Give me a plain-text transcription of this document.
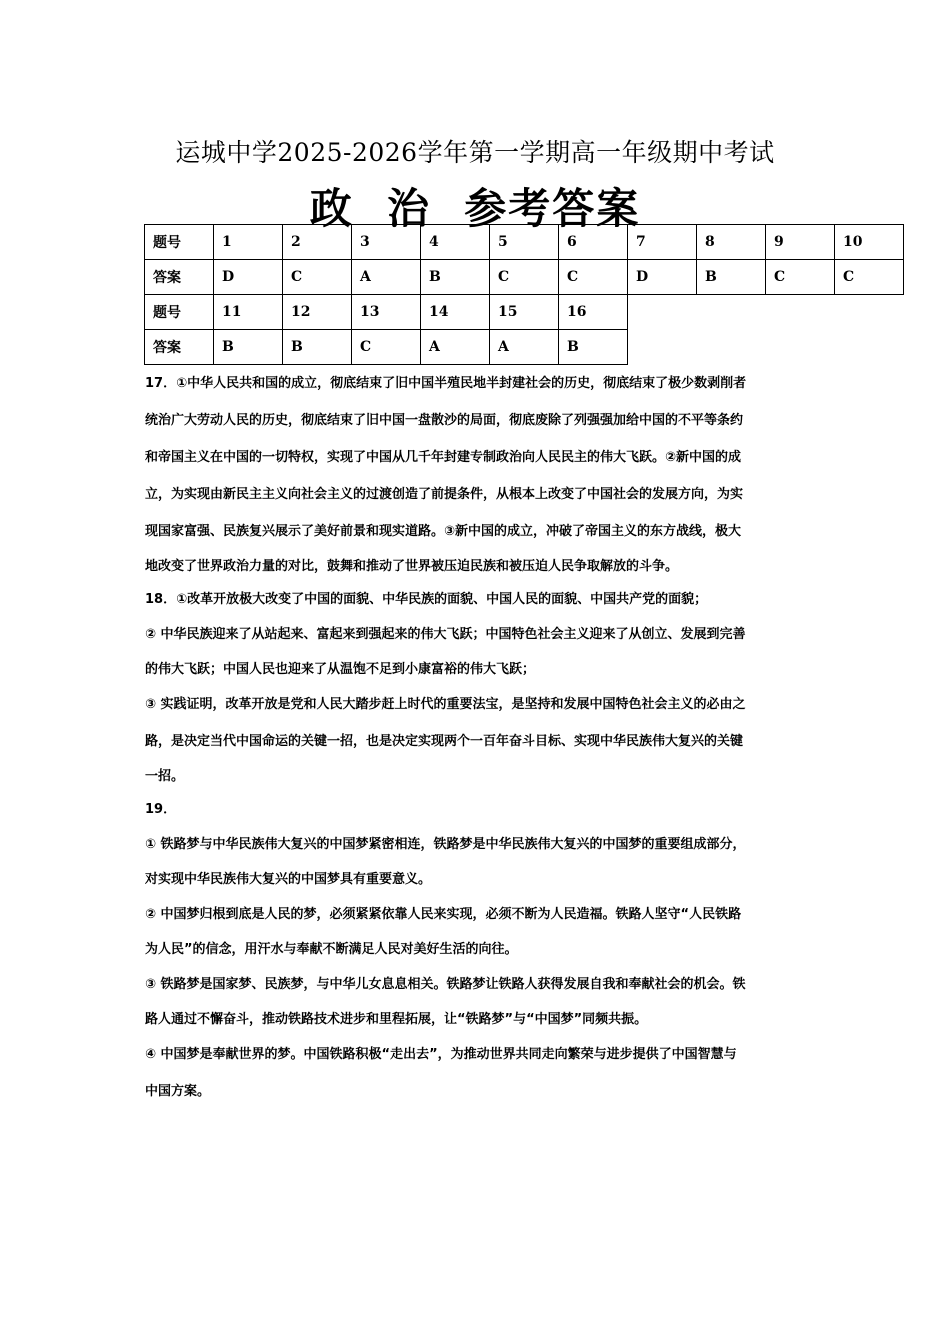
运城中学2025-2026学年第一学期高一年级期中考试
政  治  参考答案
题号	1	2	3	4	5	6	7	8	9	10
答案	D	C	A	B	C	C	D	B	C	C
题号	11	12	13	14	15	16				
答案	B	B	C	A	A	B				

17．①中华人民共和国的成立，彻底结束了旧中国半殖民地半封建社会的历史，彻底结束了极少数剥削者

统治广大劳动人民的历史，彻底结束了旧中国一盘散沙的局面，彻底废除了列强强加给中国的不平等条约

和帝国主义在中国的一切特权，实现了中国从几千年封建专制政治向人民民主的伟大飞跃。②新中国的成

立，为实现由新民主主义向社会主义的过渡创造了前提条件，从根本上改变了中国社会的发展方向，为实

现国家富强、民族复兴展示了美好前景和现实道路。③新中国的成立，冲破了帝国主义的东方战线，极大

地改变了世界政治力量的对比，鼓舞和推动了世界被压迫民族和被压迫人民争取解放的斗争。

18．①改革开放极大改变了中国的面貌、中华民族的面貌、中国人民的面貌、中国共产党的面貌；

② 中华民族迎来了从站起来、富起来到强起来的伟大飞跃；中国特色社会主义迎来了从创立、发展到完善

的伟大飞跃；中国人民也迎来了从温饱不足到小康富裕的伟大飞跃；

③ 实践证明，改革开放是党和人民大踏步赶上时代的重要法宝，是坚持和发展中国特色社会主义的必由之

路，是决定当代中国命运的关键一招，也是决定实现两个一百年奋斗目标、实现中华民族伟大复兴的关键

一招。

19．

① 铁路梦与中华民族伟大复兴的中国梦紧密相连，铁路梦是中华民族伟大复兴的中国梦的重要组成部分，

对实现中华民族伟大复兴的中国梦具有重要意义。

② 中国梦归根到底是人民的梦，必须紧紧依靠人民来实现，必须不断为人民造福。铁路人坚守“人民铁路

为人民”的信念，用汗水与奉献不断满足人民对美好生活的向往。

③ 铁路梦是国家梦、民族梦，与中华儿女息息相关。铁路梦让铁路人获得发展自我和奉献社会的机会。铁

路人通过不懈奋斗，推动铁路技术进步和里程拓展，让“铁路梦”与“中国梦”同频共振。

④ 中国梦是奉献世界的梦。中国铁路积极“走出去”，为推动世界共同走向繁荣与进步提供了中国智慧与

中国方案。
